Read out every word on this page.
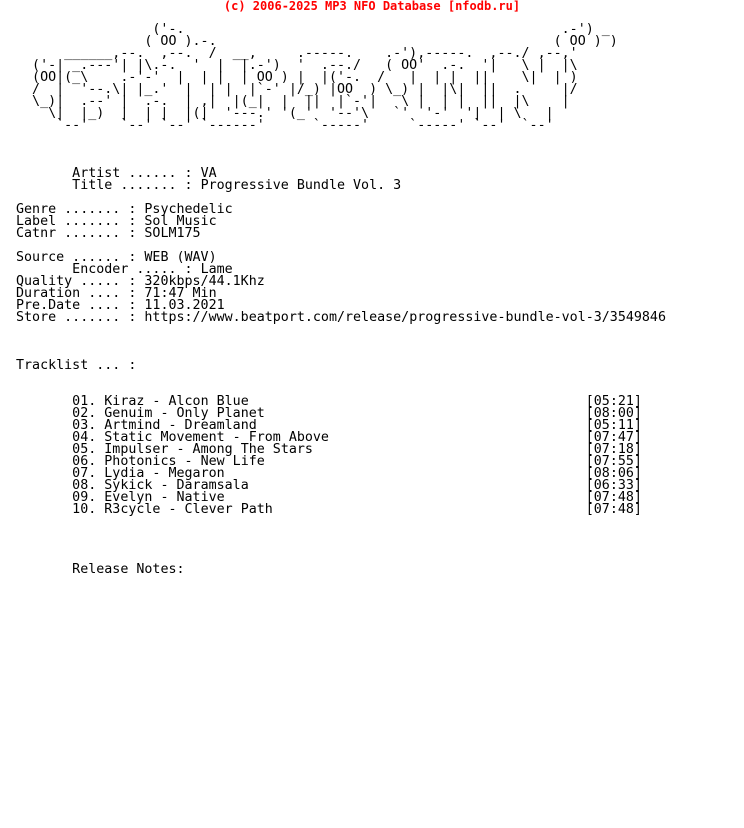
(c) 2006-2025 MP3 NFO Database [nfodb.ru]
('-.                                               .-') _
( OO ).-.                                          ( OO ) )
______,--.  ,--.  /  __,     .-----.    .-'),-----.  ,--./ ,--,'
('-| _.---'| |\.-.  '  |  |.-')  '  .--./   ( OO'  .-.  '|   \ |  |\
(OO|(_\    .-'-'  |  | |  | OO ) |  |('-.  /   |  | |  ||    \|  | )
/  |  '--.\| |_.'  |  | |  |`-' |/_) |OO  ) \_) |  |\|  ||  .     |/
\_)|  .--' |  .-.  | ,|  |(_|  |  ||  |`-'|   \ |  | |  ||  |\    |
\|  |_)  |  | |  |(|  '---.' '(_'  '--'\   `'  '-'  '|  | \   |
`--'    `--' `--' `------'      `-----'     `-----' `--'  `--'
Artist ...... : VA
Title ....... : Progressive Bundle Vol. 3
Genre ....... : Psychedelic
Label ....... : Sol Music
Catnr ....... : SOLM175
Source ...... : WEB (WAV)
Encoder ..... : Lame
Quality ..... : 320kbps/44.1Khz
Duration .... : 71:47 Min
Pre.Date .... : 11.03.2021
Store ....... : https://www.beatport.com/release/progressive-bundle-vol-3/3549846
Tracklist ... :
01. Kiraz - Alcon Blue	[05:21]
02. Genuim - Only Planet	[08:00]
03. Artmind - Dreamland	[05:11]
04. Static Movement - From Above	[07:47]
05. Impulser - Among The Stars	[07:18]
06. Photonics - New Life	[07:55]
07. Lydia - Megaron	[08:06]
08. Sykick - Daramsala	[06:33]
09. Evelyn - Native	[07:48]
10. R3cycle - Clever Path	[07:48]
Release Notes:
